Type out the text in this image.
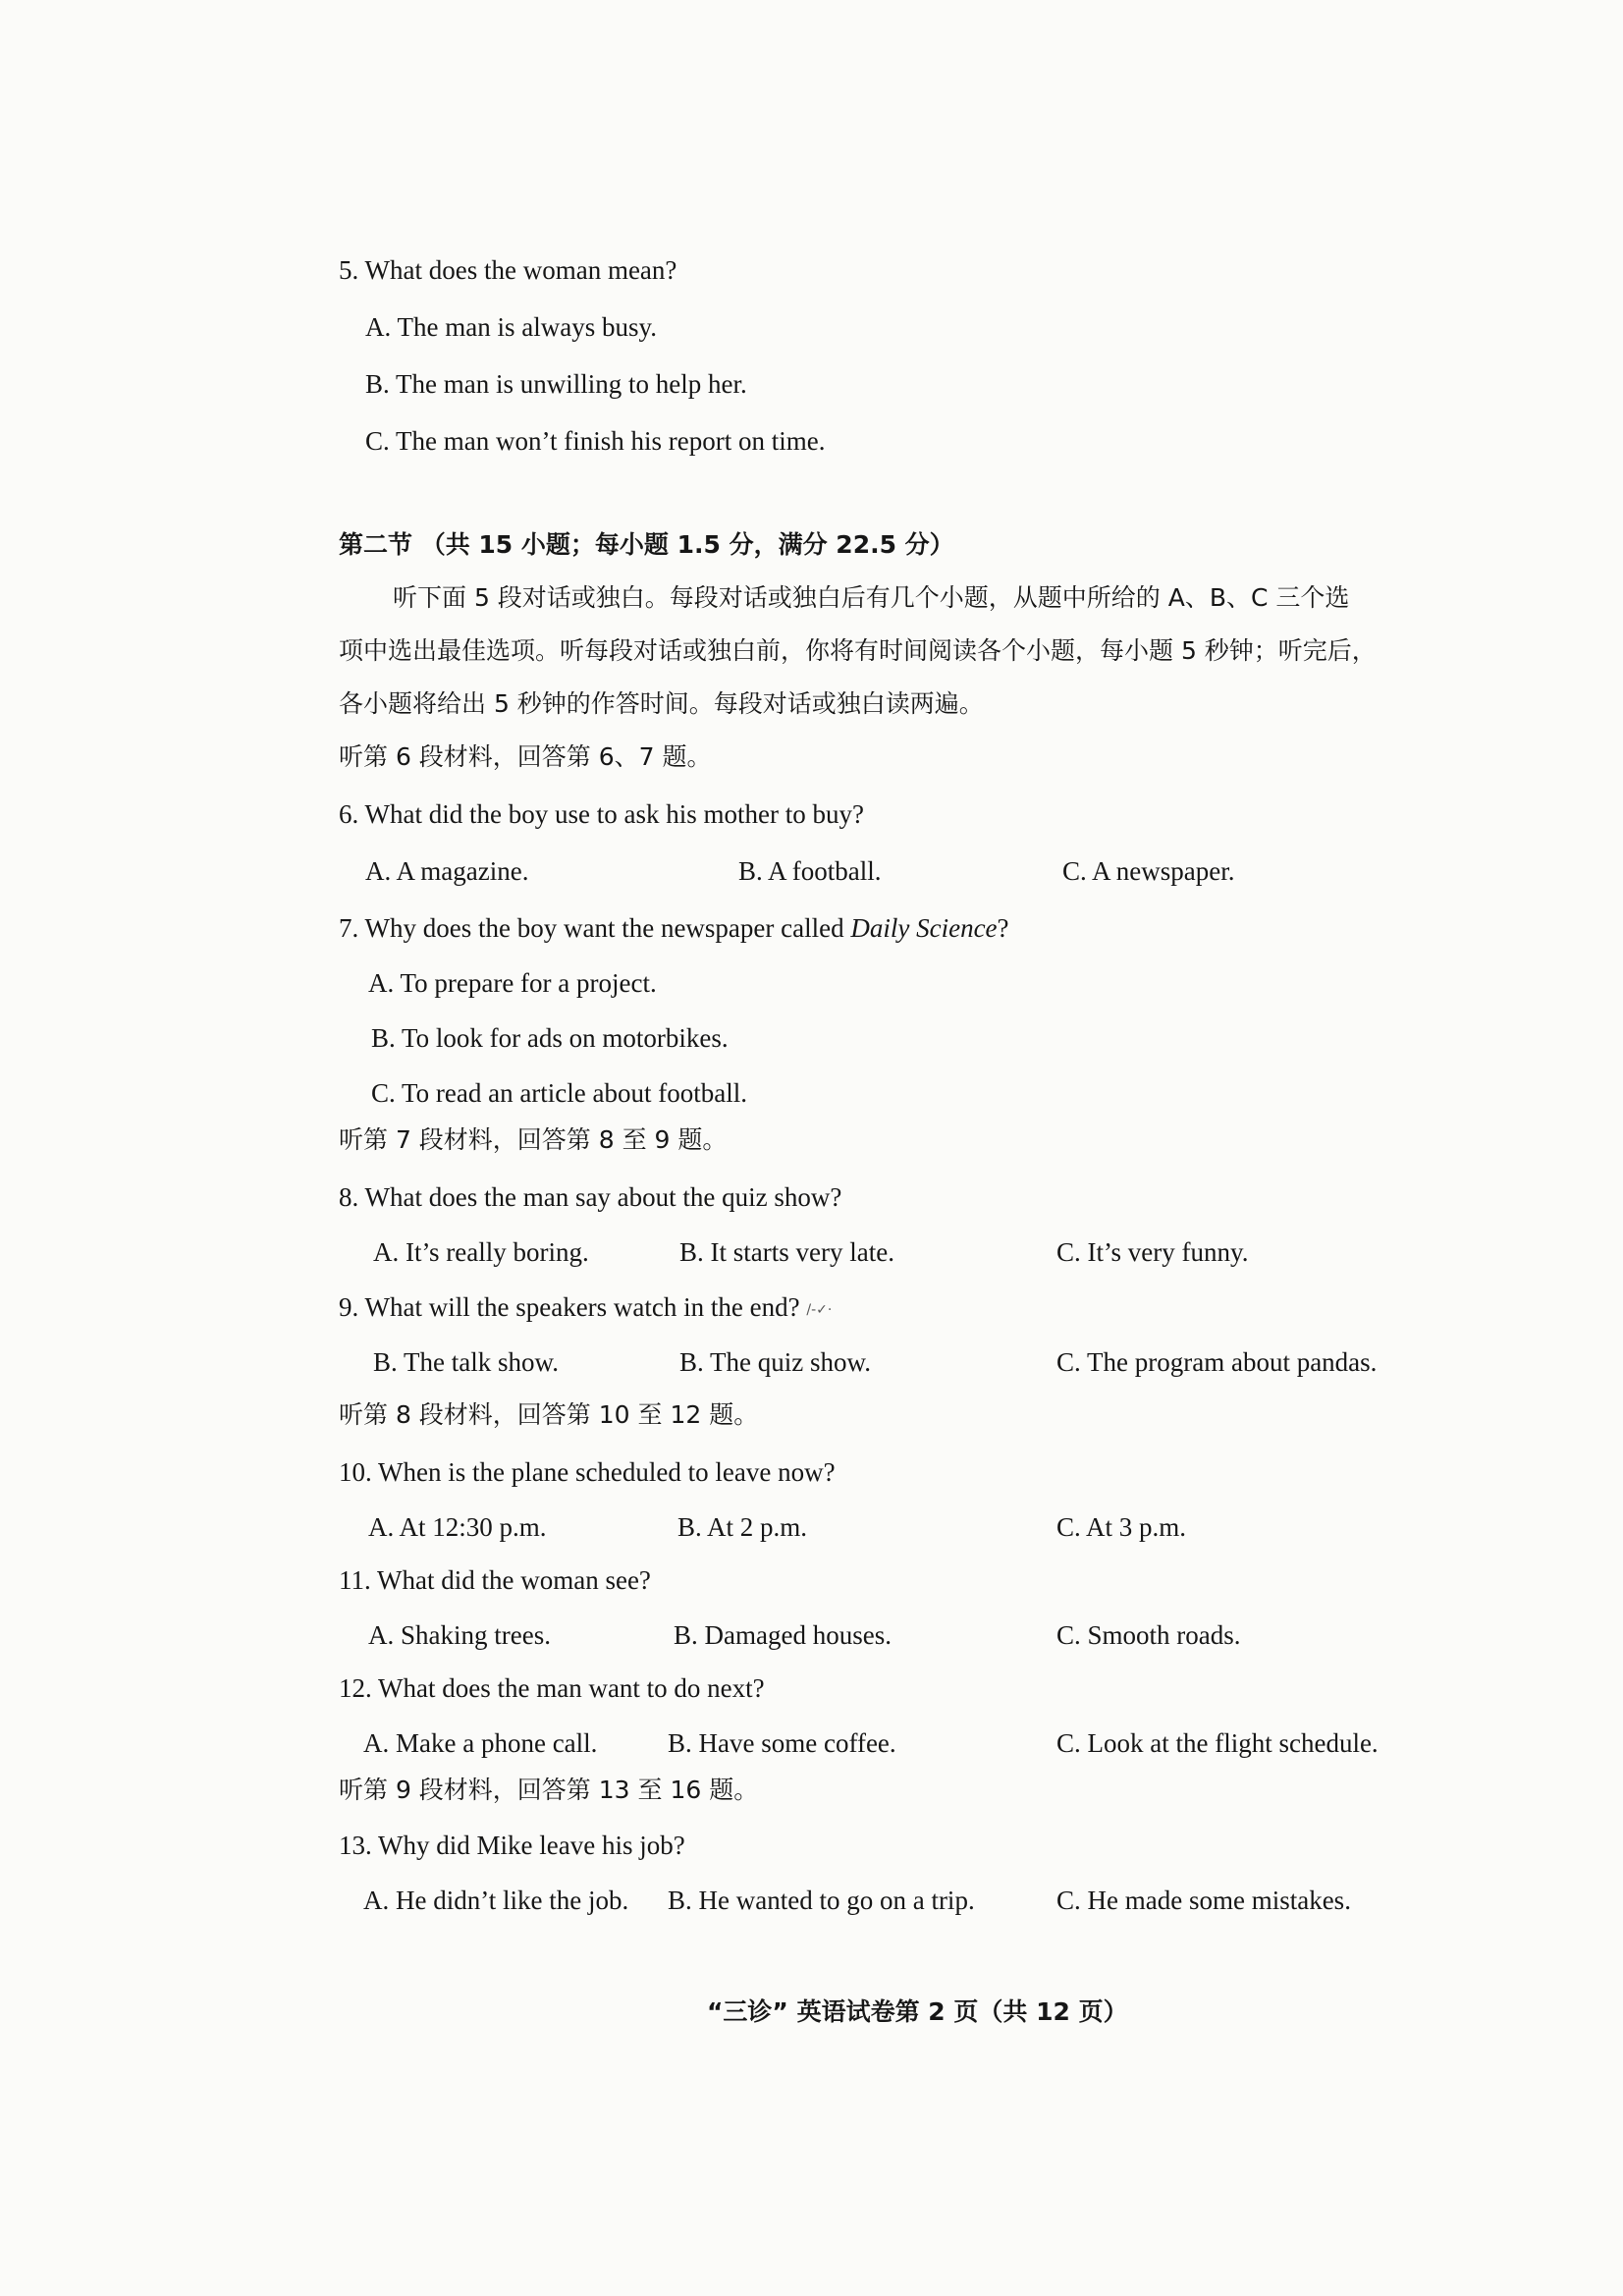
5. What does the woman mean?
A. The man is always busy.
B. The man is unwilling to help her.
C. The man won’t finish his report on time.
第二节 （共 15 小题；每小题 1.5 分，满分 22.5 分）
听下面 5 段对话或独白。每段对话或独白后有几个小题，从题中所给的 A、B、C 三个选
项中选出最佳选项。听每段对话或独白前，你将有时间阅读各个小题，每小题 5 秒钟；听完后，
各小题将给出 5 秒钟的作答时间。每段对话或独白读两遍。
听第 6 段材料，回答第 6、7 题。
6. What did the boy use to ask his mother to buy?
A. A magazine.	B. A football.	C. A newspaper.
7. Why does the boy want the newspaper called Daily Science?
A. To prepare for a project.
B. To look for ads on motorbikes.
C. To read an article about football.
听第 7 段材料，回答第 8 至 9 题。
8. What does the man say about the quiz show?
A. It’s really boring.	B. It starts very late.	C. It’s very funny.
9. What will the speakers watch in the end? /-✓·
B. The talk show.	B. The quiz show.	C. The program about pandas.
听第 8 段材料，回答第 10 至 12 题。
10. When is the plane scheduled to leave now?
A. At 12:30 p.m.	B. At 2 p.m.	C. At 3 p.m.
11. What did the woman see?
A. Shaking trees.	B. Damaged houses.	C. Smooth roads.
12. What does the man want to do next?
A. Make a phone call.	B. Have some coffee.	C. Look at the flight schedule.
听第 9 段材料，回答第 13 至 16 题。
13. Why did Mike leave his job?
A. He didn’t like the job. B. He wanted to go on a trip.	C. He made some mistakes.
“三诊” 英语试卷第 2 页（共 12 页）
